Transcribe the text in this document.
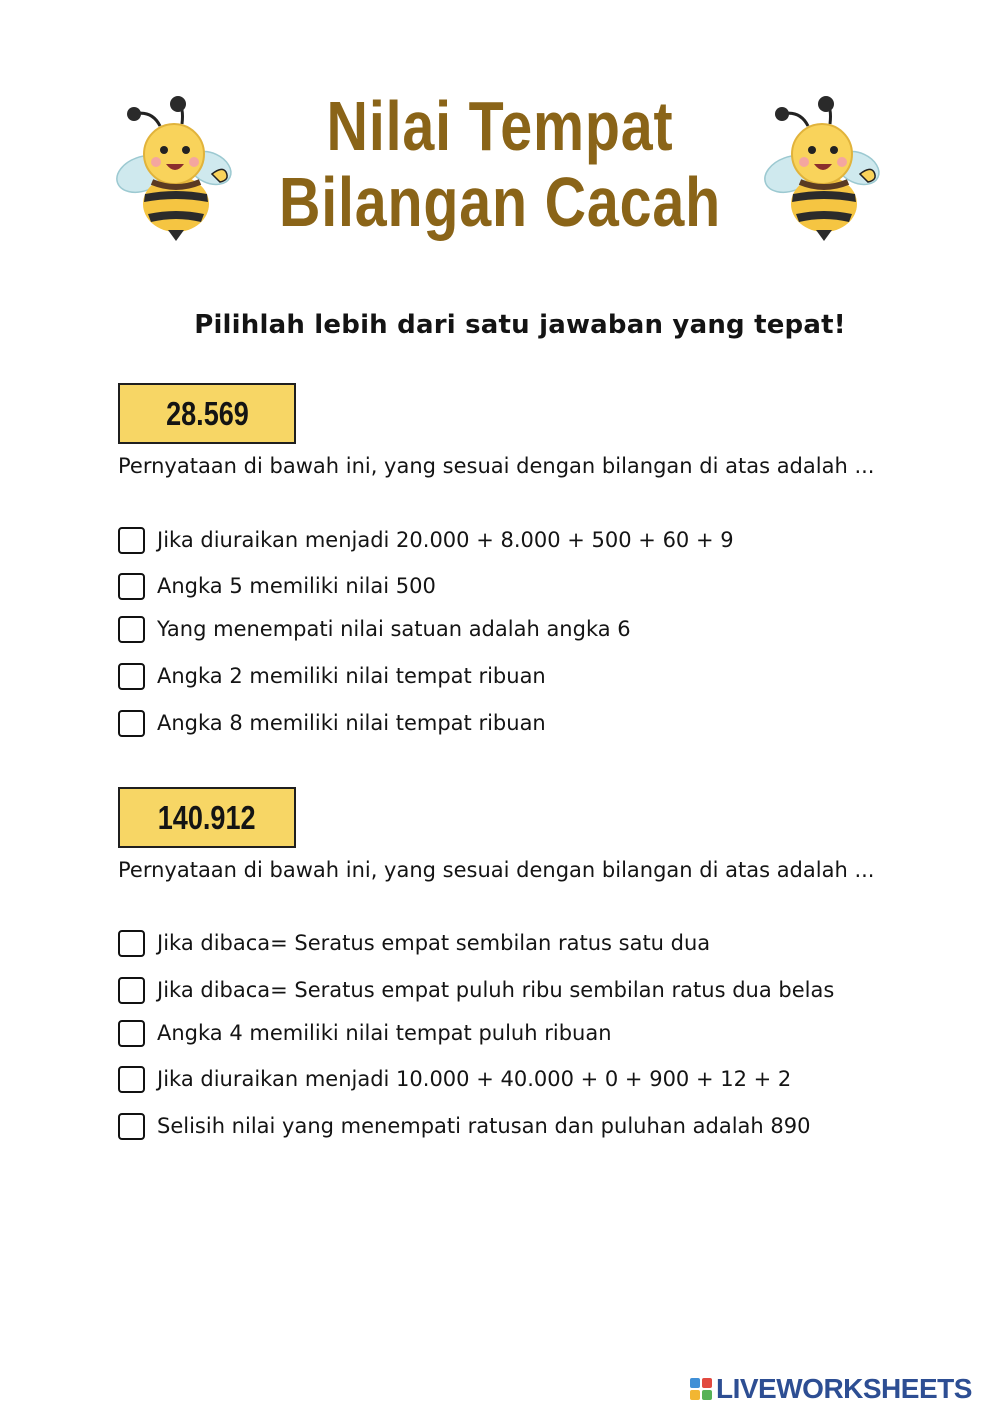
Nilai Tempat
Bilangan Cacah
Pilihlah lebih dari satu jawaban yang tepat!
28.569
Pernyataan di bawah ini, yang sesuai dengan bilangan di atas adalah ...
Jika diuraikan menjadi 20.000 + 8.000 + 500 + 60 + 9
Angka 5 memiliki nilai 500
Yang menempati nilai satuan adalah angka 6
Angka 2 memiliki nilai tempat ribuan
Angka 8 memiliki nilai tempat ribuan
140.912
Pernyataan di bawah ini, yang sesuai dengan bilangan di atas adalah ...
Jika dibaca= Seratus empat sembilan ratus satu dua
Jika dibaca= Seratus empat puluh ribu sembilan ratus dua belas
Angka 4 memiliki nilai tempat puluh ribuan
Jika diuraikan menjadi 10.000 + 40.000 + 0 + 900 + 12 + 2
Selisih nilai yang menempati ratusan dan puluhan adalah 890
LIVEWORKSHEETS
